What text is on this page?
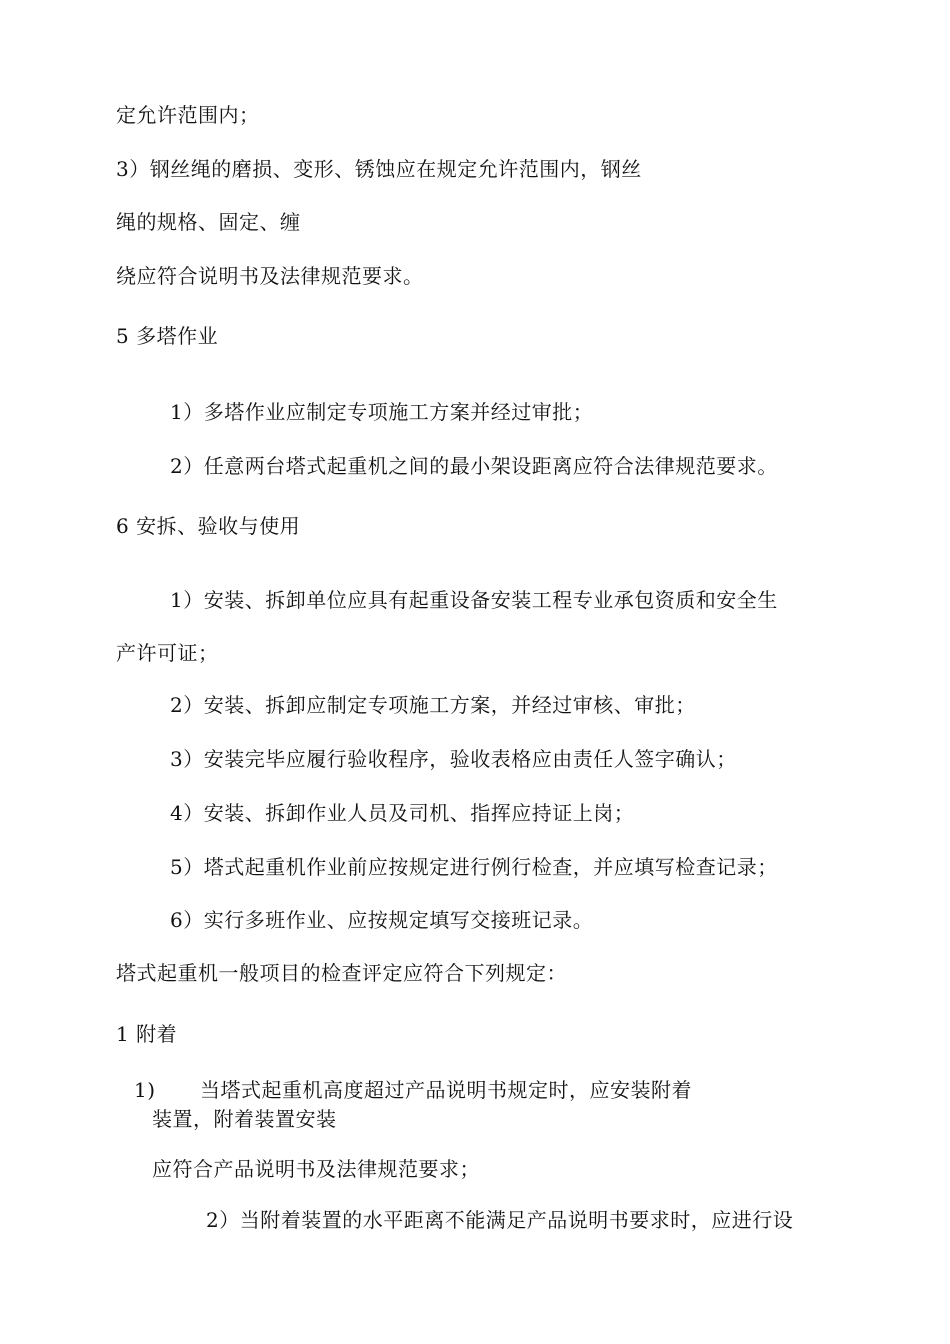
定允许范围内；
3）钢丝绳的磨损、变形、锈蚀应在规定允许范围内，钢丝
绳的规格、固定、缠
绕应符合说明书及法律规范要求。
5 多塔作业
1）多塔作业应制定专项施工方案并经过审批；
2）任意两台塔式起重机之间的最小架设距离应符合法律规范要求。
6 安拆、验收与使用
1）安装、拆卸单位应具有起重设备安装工程专业承包资质和安全生
产许可证；
2）安装、拆卸应制定专项施工方案，并经过审核、审批；
3）安装完毕应履行验收程序，验收表格应由责任人签字确认；
4）安装、拆卸作业人员及司机、指挥应持证上岗；
5）塔式起重机作业前应按规定进行例行检查，并应填写检查记录；
6）实行多班作业、应按规定填写交接班记录。
塔式起重机一般项目的检查评定应符合下列规定：
1 附着
1) 当塔式起重机高度超过产品说明书规定时，应安装附着
装置，附着装置安装
应符合产品说明书及法律规范要求；
2）当附着装置的水平距离不能满足产品说明书要求时，应进行设
